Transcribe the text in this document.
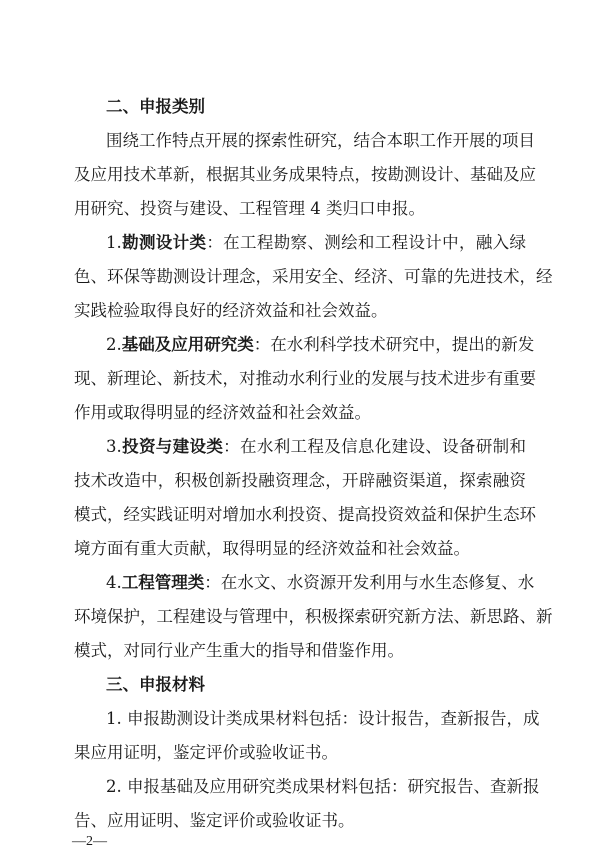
二、申报类别
围绕工作特点开展的探索性研究，结合本职工作开展的项目
及应用技术革新，根据其业务成果特点，按勘测设计、基础及应
用研究、投资与建设、工程管理 4 类归口申报。
1.勘测设计类：在工程勘察、测绘和工程设计中，融入绿
色、环保等勘测设计理念，采用安全、经济、可靠的先进技术，经
实践检验取得良好的经济效益和社会效益。
2.基础及应用研究类：在水利科学技术研究中，提出的新发
现、新理论、新技术，对推动水利行业的发展与技术进步有重要
作用或取得明显的经济效益和社会效益。
3.投资与建设类：在水利工程及信息化建设、设备研制和
技术改造中，积极创新投融资理念，开辟融资渠道，探索融资
模式，经实践证明对增加水利投资、提高投资效益和保护生态环
境方面有重大贡献，取得明显的经济效益和社会效益。
4.工程管理类：在水文、水资源开发利用与水生态修复、水
环境保护，工程建设与管理中，积极探索研究新方法、新思路、新
模式，对同行业产生重大的指导和借鉴作用。
三、申报材料
1. 申报勘测设计类成果材料包括：设计报告，查新报告，成
果应用证明，鉴定评价或验收证书。
2. 申报基础及应用研究类成果材料包括：研究报告、查新报
告、应用证明、鉴定评价或验收证书。
—2—
